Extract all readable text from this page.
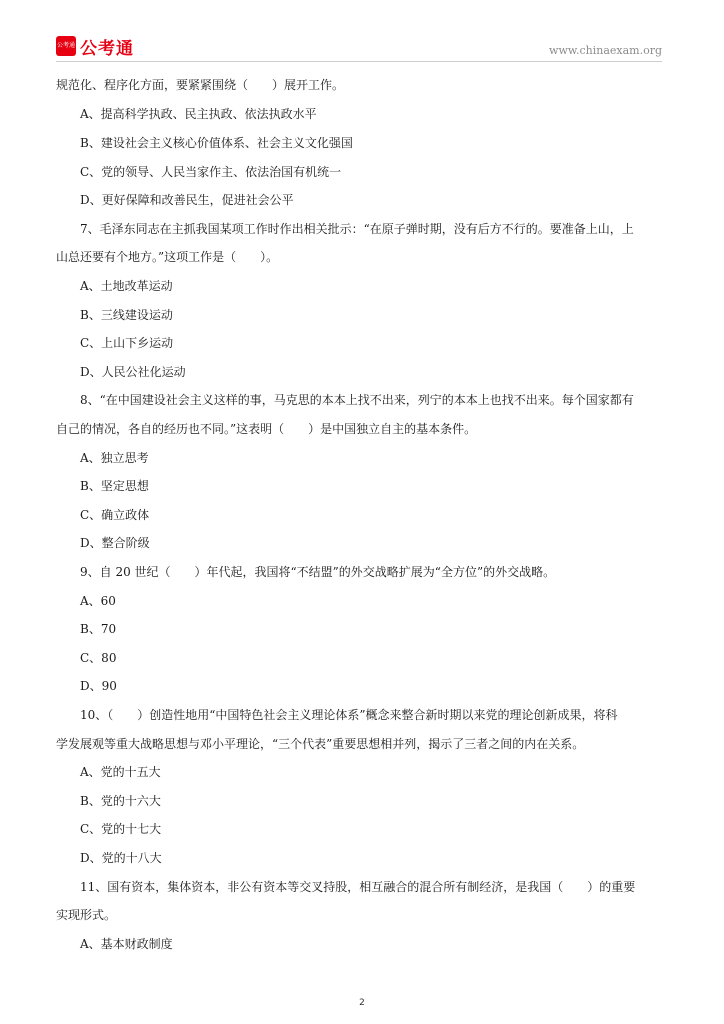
公考通 公考通	www.chinaexam.org
规范化、程序化方面，要紧紧围绕（　　）展开工作。
A、提高科学执政、民主执政、依法执政水平
B、建设社会主义核心价值体系、社会主义文化强国
C、党的领导、人民当家作主、依法治国有机统一
D、更好保障和改善民生，促进社会公平
7、毛泽东同志在主抓我国某项工作时作出相关批示：“在原子弹时期，没有后方不行的。要准备上山，上
山总还要有个地方。”这项工作是（　　）。
A、土地改革运动
B、三线建设运动
C、上山下乡运动
D、人民公社化运动
8、“在中国建设社会主义这样的事，马克思的本本上找不出来，列宁的本本上也找不出来。每个国家都有
自己的情况，各自的经历也不同。”这表明（　　）是中国独立自主的基本条件。
A、独立思考
B、坚定思想
C、确立政体
D、整合阶级
9、自 20 世纪（　　）年代起，我国将“不结盟”的外交战略扩展为“全方位”的外交战略。
A、60
B、70
C、80
D、90
10、（　　）创造性地用“中国特色社会主义理论体系”概念来整合新时期以来党的理论创新成果，将科
学发展观等重大战略思想与邓小平理论，“三个代表”重要思想相并列，揭示了三者之间的内在关系。
A、党的十五大
B、党的十六大
C、党的十七大
D、党的十八大
11、国有资本，集体资本，非公有资本等交叉持股，相互融合的混合所有制经济，是我国（　　）的重要
实现形式。
A、基本财政制度
2
